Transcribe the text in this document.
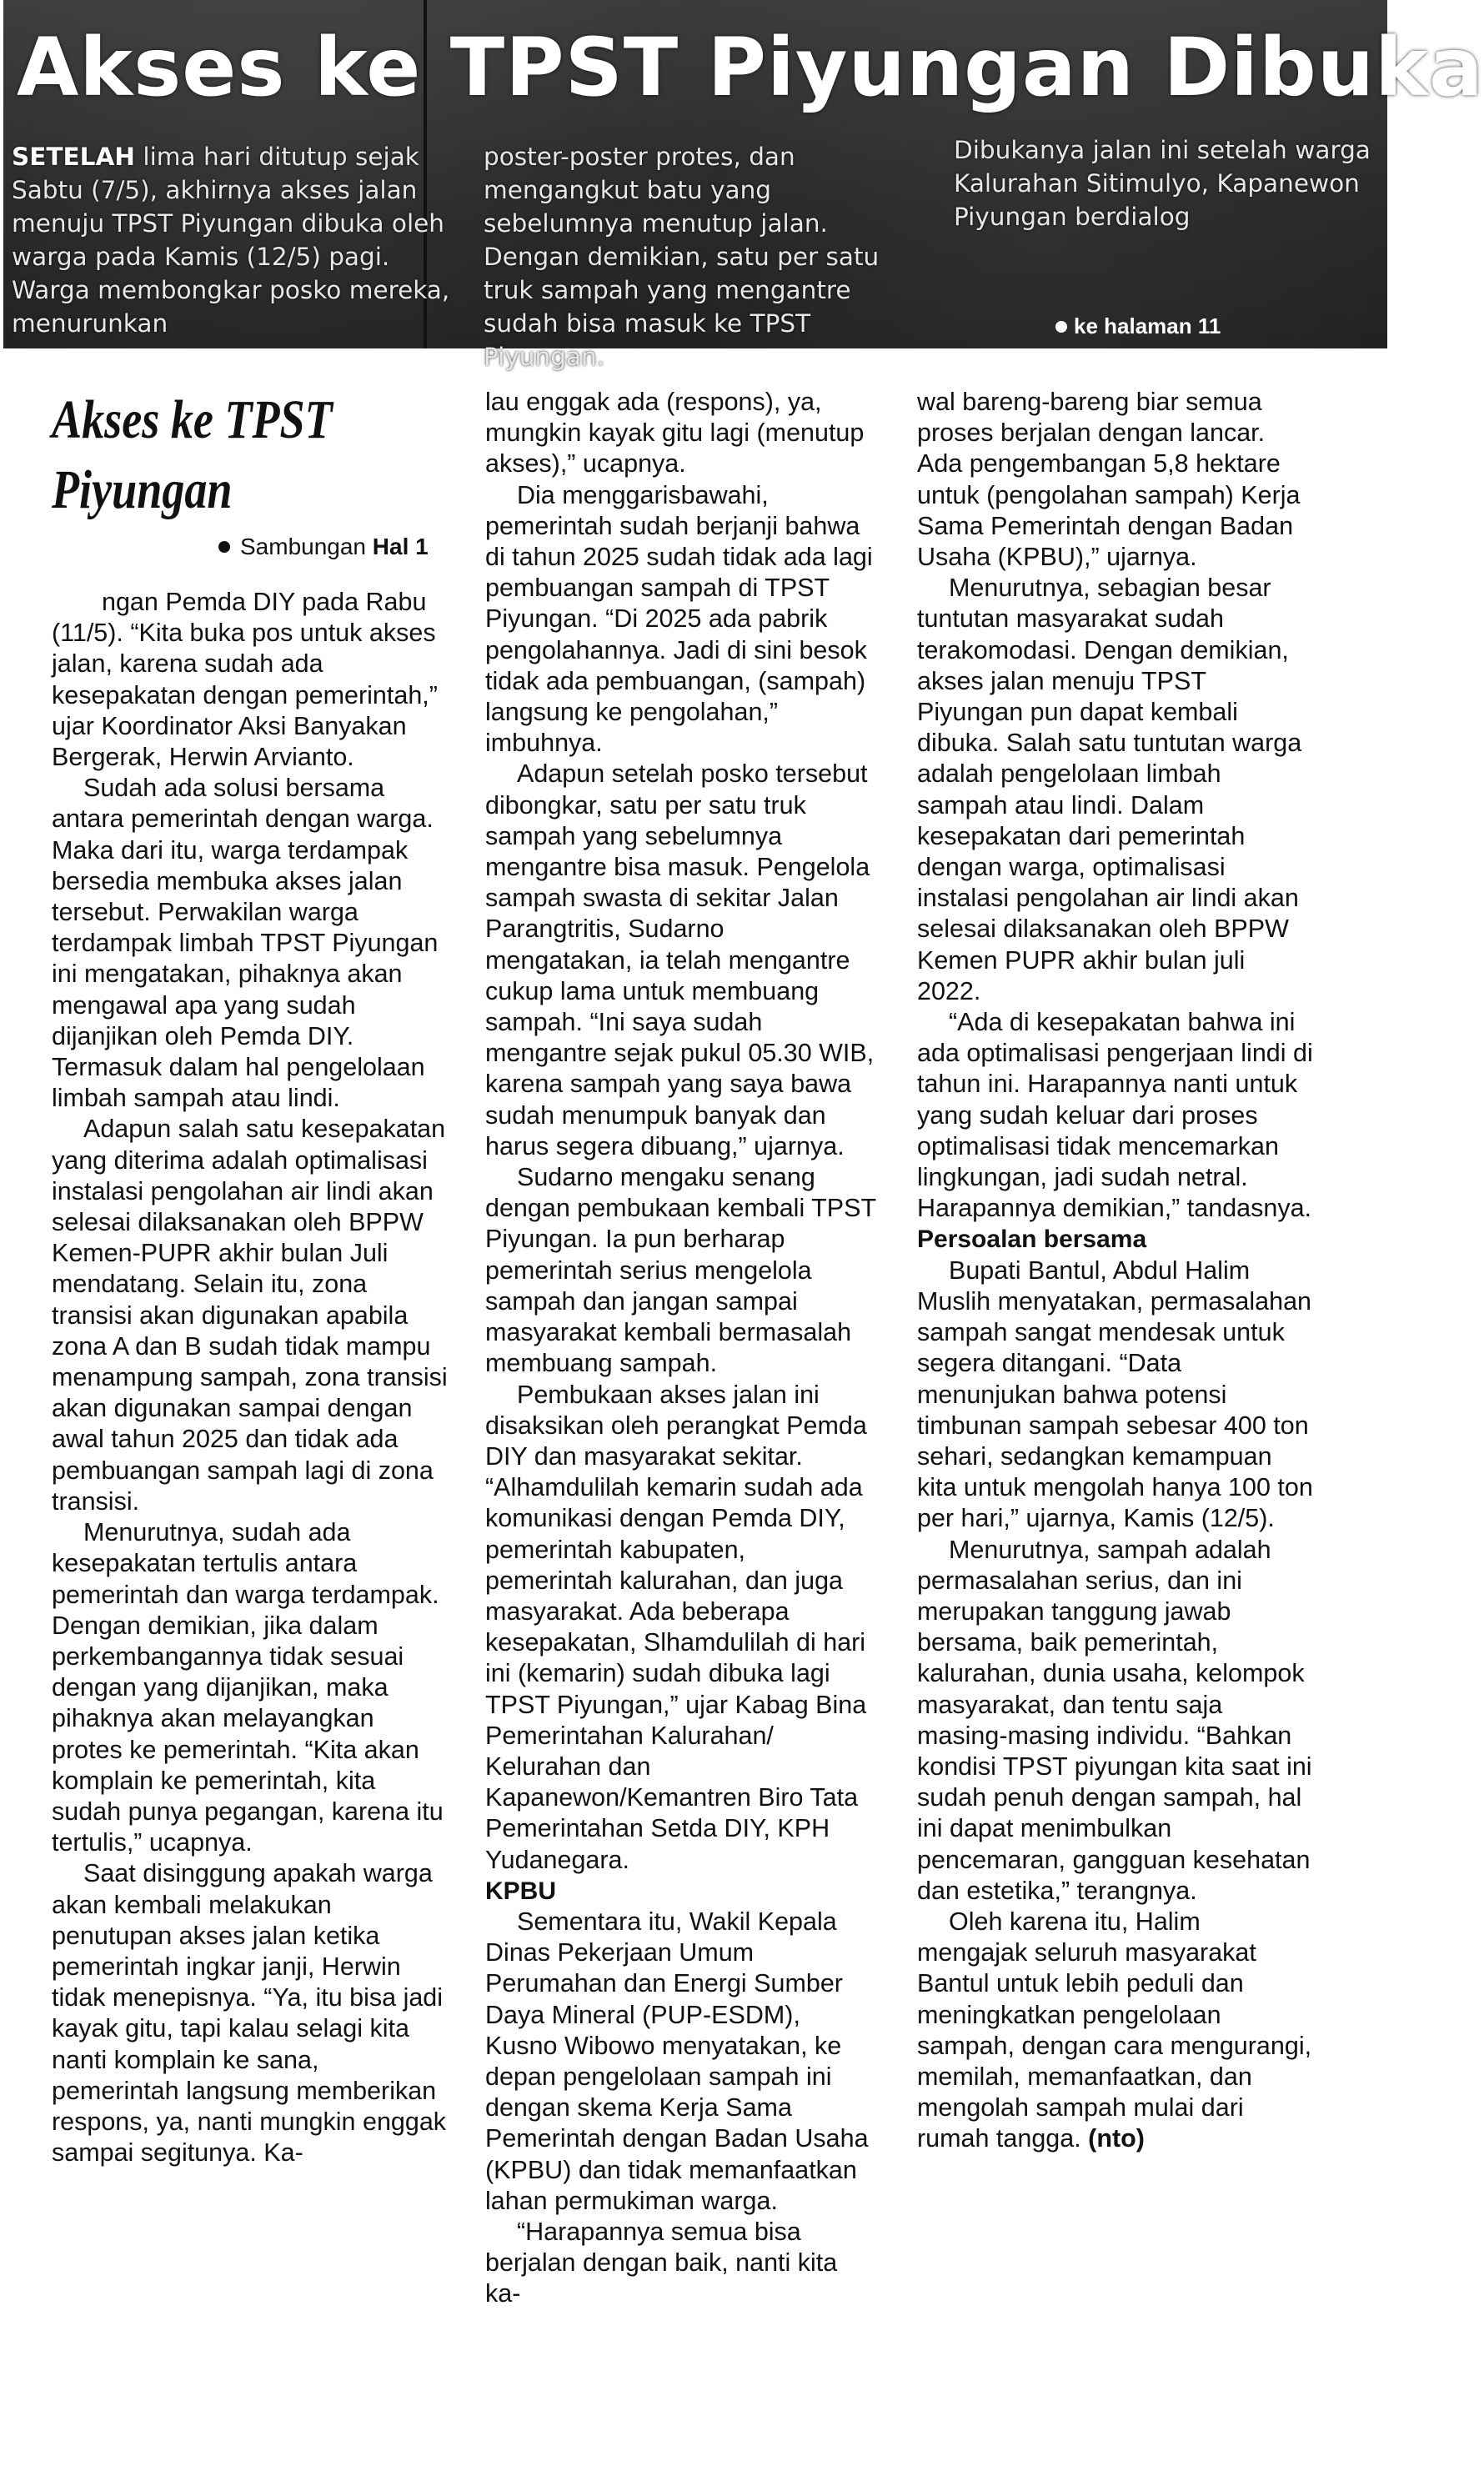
Akses ke TPST Piyungan Dibuka
SETELAH lima hari ditutup sejak Sabtu (7/5), akhirnya akses jalan menuju TPST Piyungan dibuka oleh warga pada Kamis (12/5) pagi. Warga membongkar posko mereka, menurunkan
poster-poster protes, dan mengangkut batu yang sebelumnya menutup jalan. Dengan demikian, satu per satu truk sampah yang mengantre sudah bisa masuk ke TPST Piyungan.
Dibukanya jalan ini setelah warga Kalurahan Sitimulyo, Kapanewon Piyungan berdialog
ke halaman 11
Akses ke TPST Piyungan
Sambungan Hal 1

ngan Pemda DIY pada Rabu (11/5). “Kita buka pos untuk akses jalan, karena sudah ada kesepakatan dengan pemerintah,” ujar Koordinator Aksi Banyakan Bergerak, Herwin Arvianto.

Sudah ada solusi bersama antara pemerintah dengan warga. Maka dari itu, warga terdampak bersedia membuka akses jalan tersebut. Perwakilan warga terdampak limbah TPST Piyungan ini mengatakan, pihaknya akan mengawal apa yang sudah dijanjikan oleh Pemda DIY. Termasuk dalam hal pengelolaan limbah sampah atau lindi.

Adapun salah satu kesepakatan yang diterima adalah optimalisasi instalasi pengolahan air lindi akan selesai dilaksanakan oleh BPPW Kemen-PUPR akhir bulan Juli mendatang. Selain itu, zona transisi akan digunakan apabila zona A dan B sudah tidak mampu menampung sampah, zona transisi akan digunakan sampai dengan awal tahun 2025 dan tidak ada pembuangan sampah lagi di zona transisi.

Menurutnya, sudah ada kesepakatan tertulis antara pemerintah dan warga terdampak. Dengan demikian, jika dalam perkembangannya tidak sesuai dengan yang dijanjikan, maka pihaknya akan melayangkan protes ke pemerintah. “Kita akan komplain ke pemerintah, kita sudah punya pegangan, karena itu tertulis,” ucapnya.

Saat disinggung apakah warga akan kembali melakukan penutupan akses jalan ketika pemerintah ingkar janji, Herwin tidak menepisnya. “Ya, itu bisa jadi kayak gitu, tapi kalau selagi kita nanti komplain ke sana, pemerintah langsung memberikan respons, ya, nanti mungkin enggak sampai segitunya. Ka-

lau enggak ada (respons), ya, mungkin kayak gitu lagi (menutup akses),” ucapnya.

Dia menggarisbawahi, pemerintah sudah berjanji bahwa di tahun 2025 sudah tidak ada lagi pembuangan sampah di TPST Piyungan. “Di 2025 ada pabrik pengolahannya. Jadi di sini besok tidak ada pembuangan, (sampah) langsung ke pengolahan,” imbuhnya.

Adapun setelah posko tersebut dibongkar, satu per satu truk sampah yang sebelumnya mengantre bisa masuk. Pengelola sampah swasta di sekitar Jalan Parangtritis, Sudarno mengatakan, ia telah mengantre cukup lama untuk membuang sampah. “Ini saya sudah mengantre sejak pukul 05.30 WIB, karena sampah yang saya bawa sudah menumpuk banyak dan harus segera dibuang,” ujarnya.

Sudarno mengaku senang dengan pembukaan kembali TPST Piyungan. Ia pun berharap pemerintah serius mengelola sampah dan jangan sampai masyarakat kembali bermasalah membuang sampah.

Pembukaan akses jalan ini disaksikan oleh perangkat Pemda DIY dan masyarakat sekitar. “Alhamdulilah kemarin sudah ada komunikasi dengan Pemda DIY, pemerintah kabupaten, pemerintah kalurahan, dan juga masyarakat. Ada beberapa kesepakatan, Slhamdulilah di hari ini (kemarin) sudah dibuka lagi TPST Piyungan,” ujar Kabag Bina Pemerintahan Kalurahan/ Kelurahan dan Kapanewon/Kemantren Biro Tata Pemerintahan Setda DIY, KPH Yudanegara.

KPBU

Sementara itu, Wakil Kepala Dinas Pekerjaan Umum Perumahan dan Energi Sumber Daya Mineral (PUP-ESDM), Kusno Wibowo menyatakan, ke depan pengelolaan sampah ini dengan skema Kerja Sama Pemerintah dengan Badan Usaha (KPBU) dan tidak memanfaatkan lahan permukiman warga.

“Harapannya semua bisa berjalan dengan baik, nanti kita ka-

wal bareng-bareng biar semua proses berjalan dengan lancar. Ada pengembangan 5,8 hektare untuk (pengolahan sampah) Kerja Sama Pemerintah dengan Badan Usaha (KPBU),” ujarnya.

Menurutnya, sebagian besar tuntutan masyarakat sudah terakomodasi. Dengan demikian, akses jalan menuju TPST Piyungan pun dapat kembali dibuka. Salah satu tuntutan warga adalah pengelolaan limbah sampah atau lindi. Dalam kesepakatan dari pemerintah dengan warga, optimalisasi instalasi pengolahan air lindi akan selesai dilaksanakan oleh BPPW Kemen PUPR akhir bulan juli 2022.

“Ada di kesepakatan bahwa ini ada optimalisasi pengerjaan lindi di tahun ini. Harapannya nanti untuk yang sudah keluar dari proses optimalisasi tidak mencemarkan lingkungan, jadi sudah netral. Harapannya demikian,” tandasnya.

Persoalan bersama

Bupati Bantul, Abdul Halim Muslih menyatakan, permasalahan sampah sangat mendesak untuk segera ditangani. “Data menunjukan bahwa potensi timbunan sampah sebesar 400 ton sehari, sedangkan kemampuan kita untuk mengolah hanya 100 ton per hari,” ujarnya, Kamis (12/5).

Menurutnya, sampah adalah permasalahan serius, dan ini merupakan tanggung jawab bersama, baik pemerintah, kalurahan, dunia usaha, kelompok masyarakat, dan tentu saja masing-masing individu. “Bahkan kondisi TPST piyungan kita saat ini sudah penuh dengan sampah, hal ini dapat menimbulkan pencemaran, gangguan kesehatan dan estetika,” terangnya.

Oleh karena itu, Halim mengajak seluruh masyarakat Bantul untuk lebih peduli dan meningkatkan pengelolaan sampah, dengan cara mengurangi, memilah, memanfaatkan, dan mengolah sampah mulai dari rumah tangga. (nto)
